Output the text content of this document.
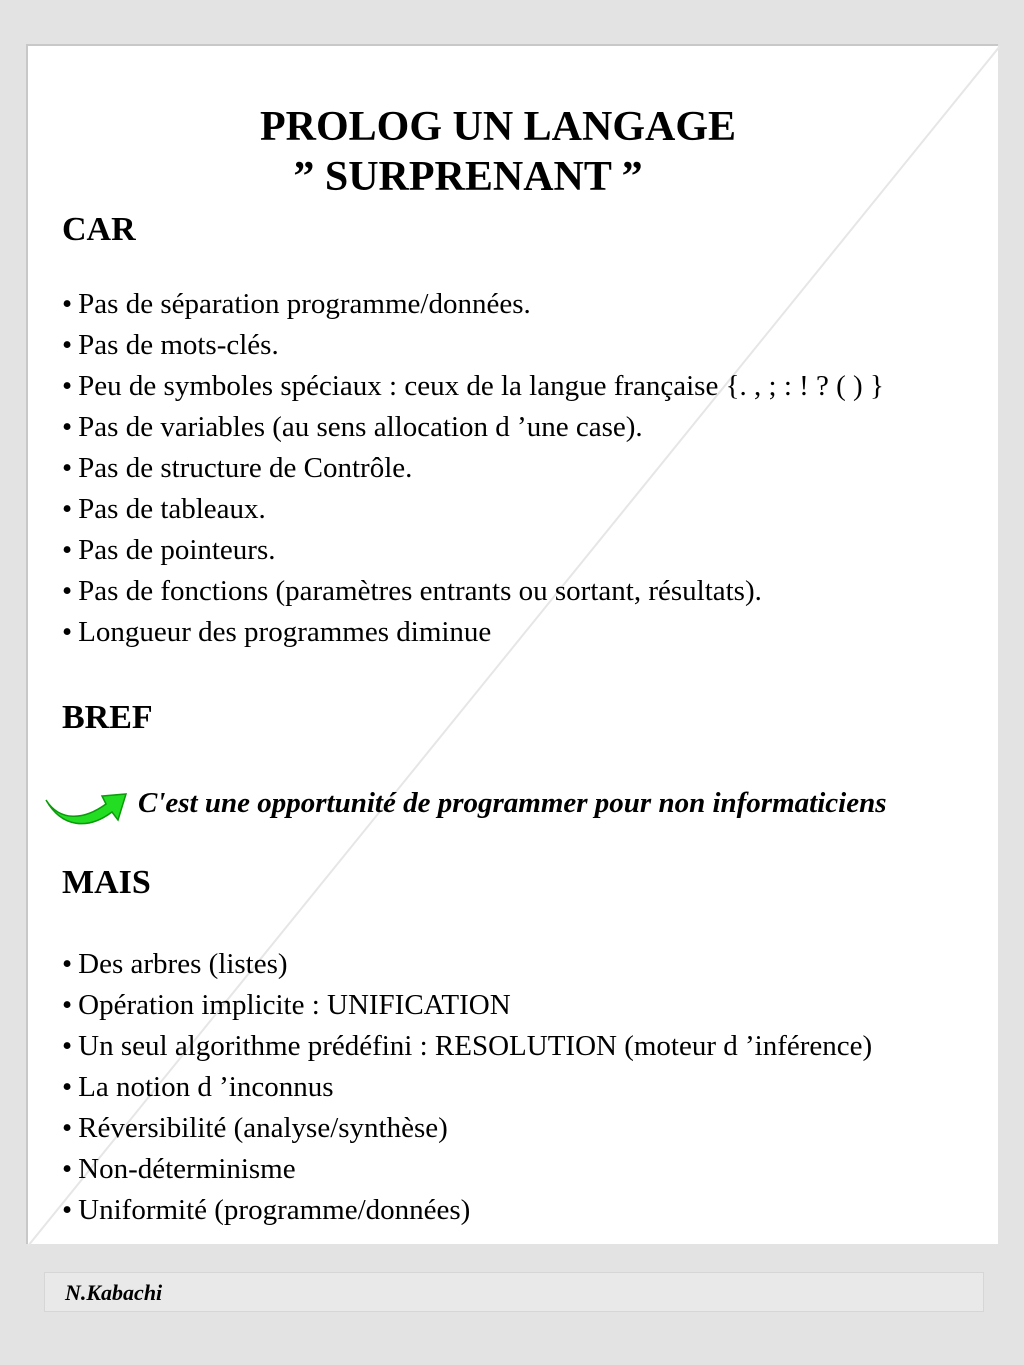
PROLOG UN LANGAGE
” SURPRENANT ”
CAR
• Pas de séparation programme/données.
• Pas de mots-clés.
• Peu de symboles spéciaux : ceux de la langue française {. , ; : ! ? ( ) }
• Pas de variables (au sens allocation d ’une case).
• Pas de structure de Contrôle.
• Pas de tableaux.
• Pas de pointeurs.
• Pas de fonctions (paramètres entrants ou sortant, résultats).
• Longueur des programmes diminue
BREF
C'est une opportunité de programmer pour non informaticiens
MAIS
• Des arbres (listes)
• Opération implicite : UNIFICATION
• Un seul algorithme prédéfini : RESOLUTION (moteur d ’inférence)
• La notion d ’inconnus
• Réversibilité (analyse/synthèse)
• Non-déterminisme
• Uniformité (programme/données)
N.Kabachi
